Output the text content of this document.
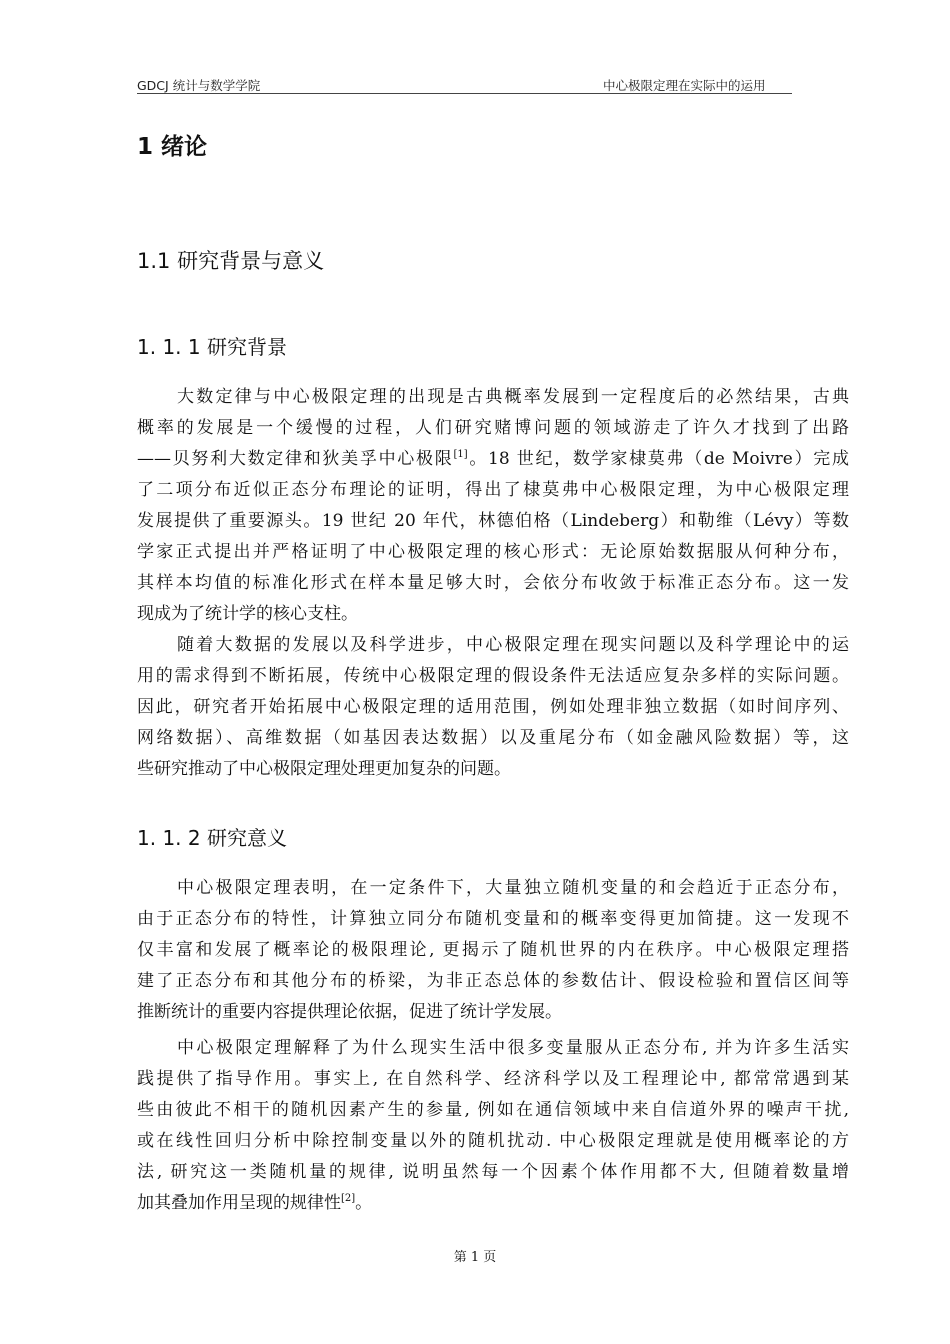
GDCJ 统计与数学学院	中心极限定理在实际中的运用
1 绪论
1.1 研究背景与意义
1. 1. 1 研究背景
大数定律与中心极限定理的出现是古典概率发展到一定程度后的必然结果，古典
概率的发展是一个缓慢的过程，人们研究赌博问题的领域游走了许久才找到了出路
——贝努利大数定律和狄美孚中心极限[1]。18 世纪，数学家棣莫弗（de Moivre）完成
了二项分布近似正态分布理论的证明，得出了棣莫弗中心极限定理，为中心极限定理
发展提供了重要源头。19 世纪 20 年代，林德伯格（Lindeberg）和勒维（Lévy）等数
学家正式提出并严格证明了中心极限定理的核心形式：无论原始数据服从何种分布，
其样本均值的标准化形式在样本量足够大时，会依分布收敛于标准正态分布。这一发
现成为了统计学的核心支柱。
随着大数据的发展以及科学进步，中心极限定理在现实问题以及科学理论中的运
用的需求得到不断拓展，传统中心极限定理的假设条件无法适应复杂多样的实际问题。
因此，研究者开始拓展中心极限定理的适用范围，例如处理非独立数据（如时间序列、
网络数据）、高维数据（如基因表达数据）以及重尾分布（如金融风险数据）等，这
些研究推动了中心极限定理处理更加复杂的问题。
1. 1. 2 研究意义
中心极限定理表明，在一定条件下，大量独立随机变量的和会趋近于正态分布，
由于正态分布的特性，计算独立同分布随机变量和的概率变得更加简捷。这一发现不
仅丰富和发展了概率论的极限理论, 更揭示了随机世界的内在秩序。中心极限定理搭
建了正态分布和其他分布的桥梁，为非正态总体的参数估计、假设检验和置信区间等
推断统计的重要内容提供理论依据，促进了统计学发展。
中心极限定理解释了为什么现实生活中很多变量服从正态分布, 并为许多生活实
践提供了指导作用。事实上, 在自然科学、经济科学以及工程理论中, 都常常遇到某
些由彼此不相干的随机因素产生的参量, 例如在通信领域中来自信道外界的噪声干扰,
或在线性回归分析中除控制变量以外的随机扰动. 中心极限定理就是使用概率论的方
法, 研究这一类随机量的规律, 说明虽然每一个因素个体作用都不大, 但随着数量增
加其叠加作用呈现的规律性[2]。
第 1 页
